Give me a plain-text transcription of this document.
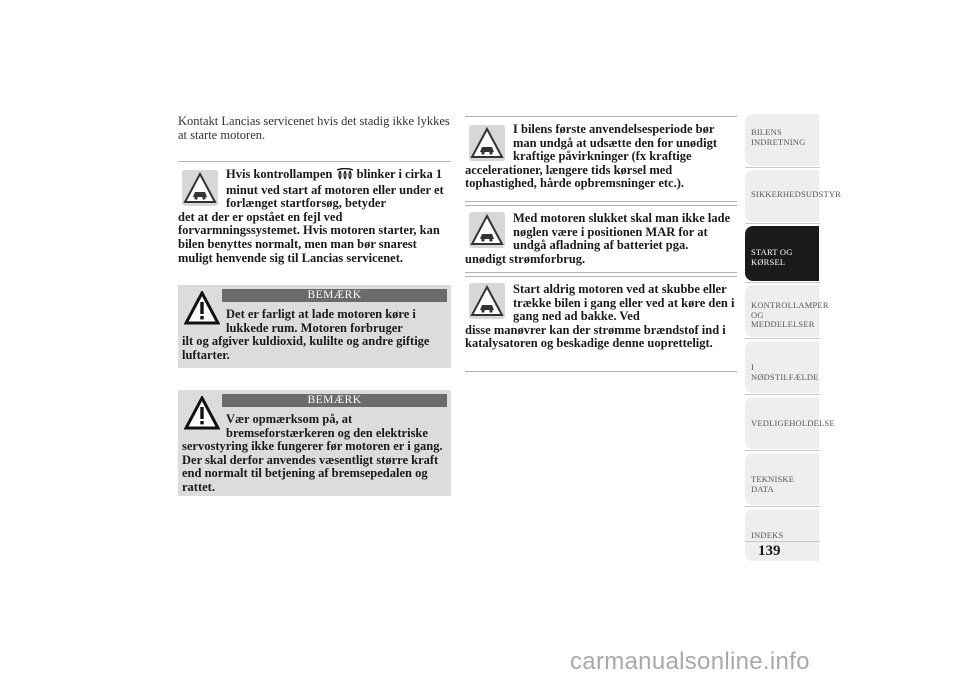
Kontakt Lancias servicenet hvis det stadig ikke lykkes at starte motoren.
Hvis kontrollampen  blinker i cirka 1 minut ved start af motoren eller under et forlænget startforsøg, betyder
det at der er opstået en fejl ved forvarmningssystemet. Hvis motoren starter, kan bilen benyttes normalt, men man bør snarest muligt henvende sig til Lancias servicenet.
BEMÆRK
Det er farligt at lade motoren køre i lukkede rum. Motoren forbruger
ilt og afgiver kuldioxid, kulilte og andre giftige luftarter.
BEMÆRK
Vær opmærksom på, at bremseforstærkeren og den elektriske
servostyring ikke fungerer før motoren er i gang. Der skal derfor anvendes væsentligt større kraft end normalt til betjening af bremsepedalen og rattet.
I bilens første anvendelsesperiode bør man undgå at udsætte den for unødigt kraftige påvirkninger (fx kraftige
accelerationer, længere tids kørsel med tophastighed, hårde opbremsninger etc.).
Med motoren slukket skal man ikke lade nøglen være i positionen MAR for at undgå afladning af batteriet pga.
unødigt strømforbrug.
Start aldrig motoren ved at skubbe eller trække bilen i gang eller ved at køre den i gang ned ad bakke. Ved
disse manøvrer kan der strømme brændstof ind i katalysatoren og beskadige denne uopretteligt.
BILENS
INDRETNING
SIKKERHEDSUDSTYR
START OG KØRSEL
KONTROLLAMPER
OG MEDDELELSER
I NØDSTILFÆLDE
VEDLIGEHOLDELSE
TEKNISKE DATA
INDEKS
139
carmanualsonline.info
